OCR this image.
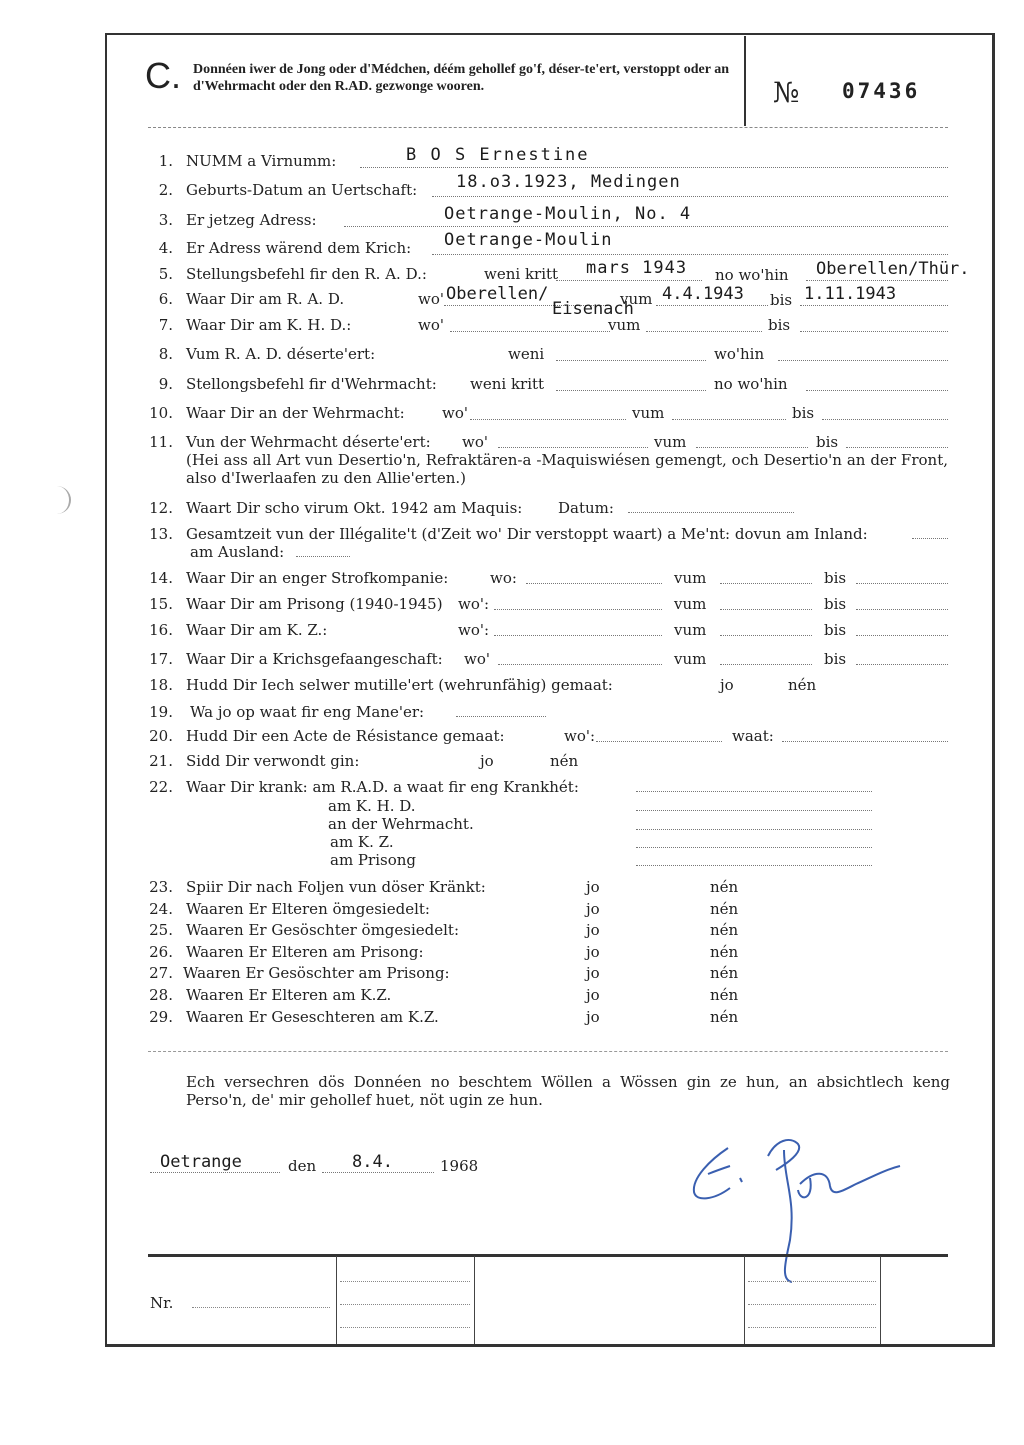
C. Donnéen iwer de Jong oder d'Médchen, déém gehollef go'f, déser-te'ert, verstoppt oder an d'Wehrmacht oder den R.AD. gezwonge wooren.	№ 07436
1. NUMM a Virnumm:	B O S Ernestine
2. Geburts-Datum an Uertschaft: 18.o3.1923, Medingen
3. Er jetzeg Adress:	Oetrange-Moulin, No. 4
4. Er Adress wärend dem Krich: Oetrange-Moulin
5. Stellungsbefehl fir den R. A. D.:	weni kritt mars 1943 no wo'hin Oberellen/Thür.
6. Waar Dir am R. A. D.	wo' Oberellen/
Eisenach
vum 4.4.1943 bis 1.11.1943
7. Waar Dir am K. H. D.:	wo'	vum	bis
8. Vum R. A. D. déserte'ert:	weni	wo'hin
9. Stellongsbefehl fir d'Wehrmacht: weni kritt	no wo'hin
10. Waar Dir an der Wehrmacht: wo'	vum	bis
11. Vun der Wehrmacht déserte'ert: wo'	vum	bis
(Hei ass all Art vun Desertio'n, Refraktären-a -Maquiswiésen gemengt, och Desertio'n an der Front, also d'Iwerlaafen zu den Allie'erten.)
12. Waart Dir scho virum Okt. 1942 am Maquis: Datum:
13. Gesamtzeit vun der Illégalite't (d'Zeit wo' Dir verstoppt waart) a Me'nt: dovun am Inland:
am Ausland:
14. Waar Dir an enger Strofkompanie:	wo:	vum	bis
15. Waar Dir am Prisong (1940-1945) wo':	vum	bis
16. Waar Dir am K. Z.:	wo':	vum	bis
17. Waar Dir a Krichsgefaangeschaft: wo'	vum	bis
18. Hudd Dir Iech selwer mutille'ert (wehrunfähig) gemaat:	jo	nén
19. Wa jo op waat fir eng Mane'er:
20. Hudd Dir een Acte de Résistance gemaat:	wo':	waat:
21. Sidd Dir verwondt gin:	jo	nén
22. Waar Dir krank: am R.A.D. a waat fir eng Krankhét:
am K. H. D.
an der Wehrmacht.
am K. Z.
am Prisong
23. Spiir Dir nach Foljen vun döser Kränkt:	jo	nén
24. Waaren Er Elteren ömgesiedelt:	jo	nén
25. Waaren Er Gesöschter ömgesiedelt:	jo	nén
26. Waaren Er Elteren am Prisong:	jo	nén
27. Waaren Er Gesöschter am Prisong:	jo	nén
28. Waaren Er Elteren am K.Z.	jo	nén
29. Waaren Er Geseschteren am K.Z.	jo	nén
Ech versechren dös Donnéen no beschtem Wöllen a Wössen gin ze hun, an absichtlech keng Perso'n, de' mir gehollef huet, nöt ugin ze hun.
Oetrange	den 8.4.	1968
Nr.
